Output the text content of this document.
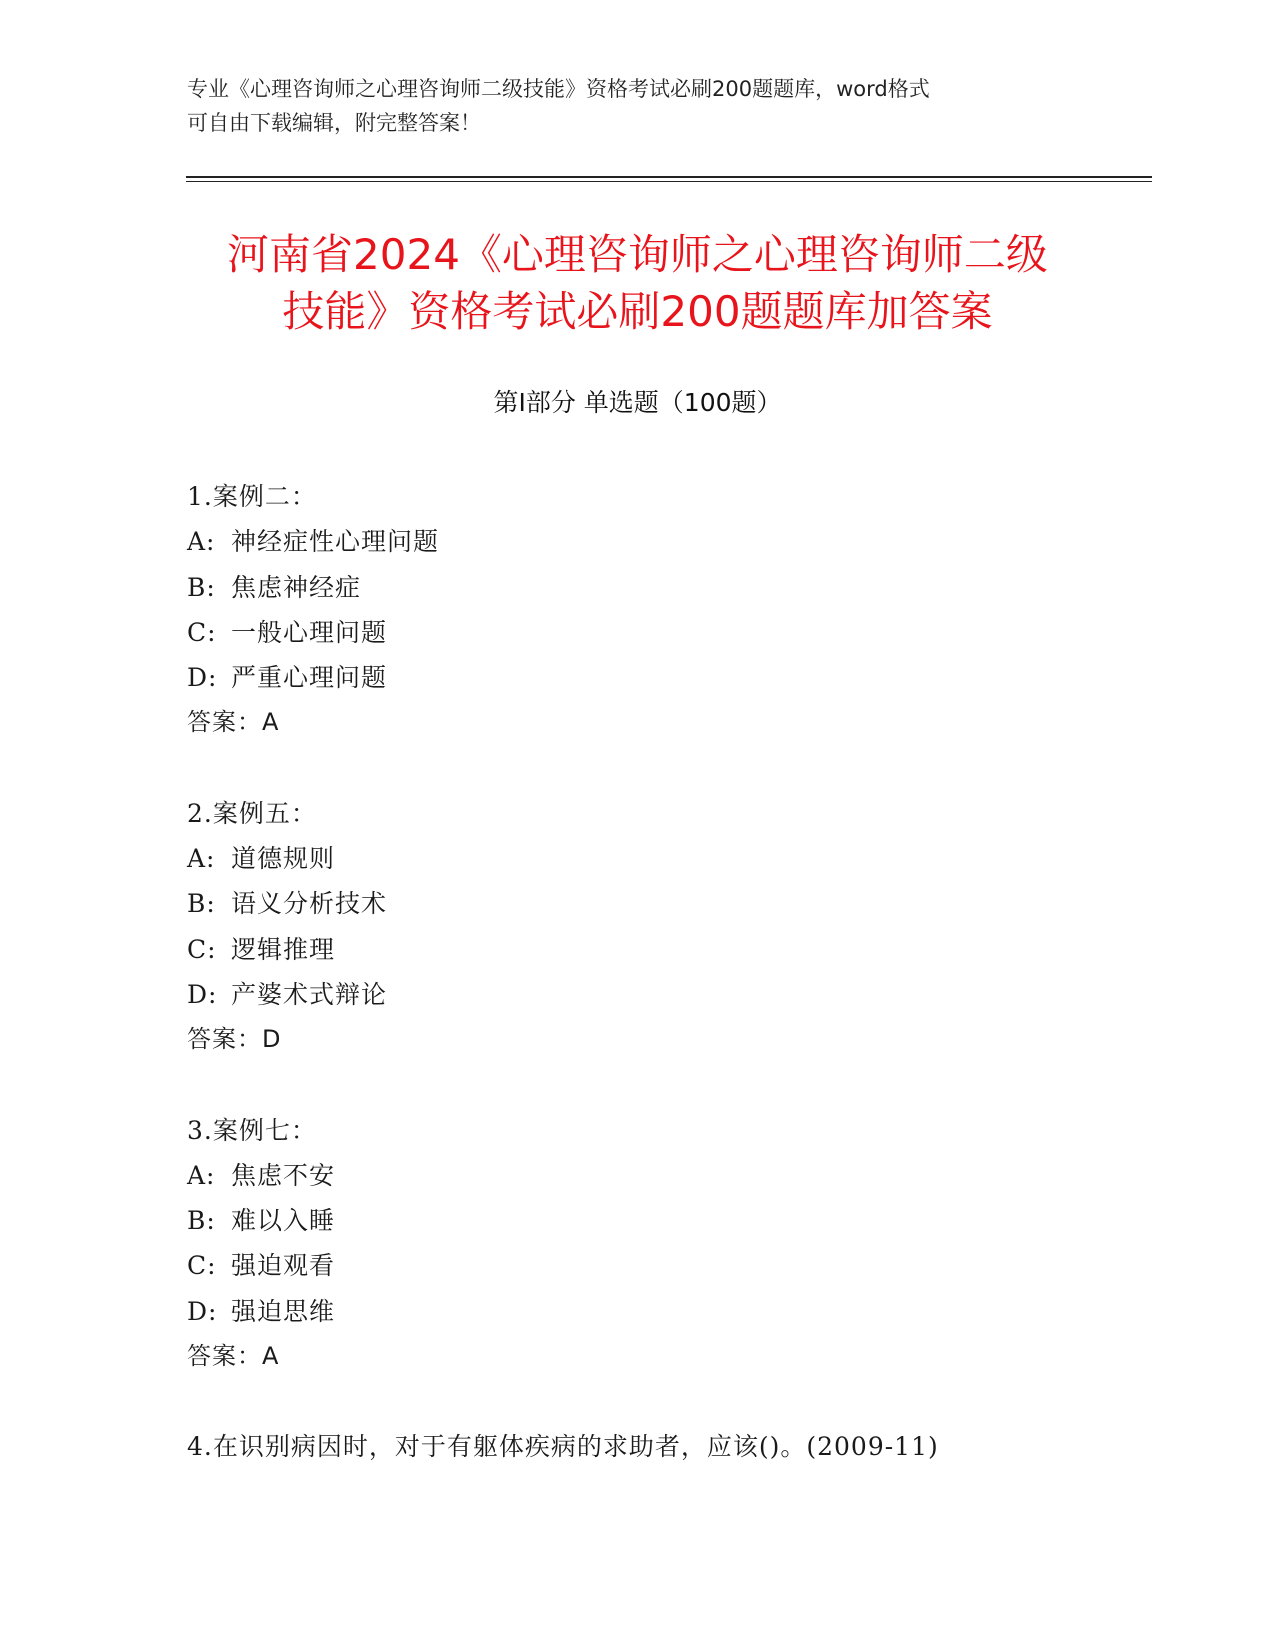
专业《心理咨询师之心理咨询师二级技能》资格考试必刷200题题库，word格式
可自由下载编辑，附完整答案！
河南省2024《心理咨询师之心理咨询师二级
技能》资格考试必刷200题题库加答案
第Ⅰ部分 单选题（100题）
1.案例二：
A: 神经症性心理问题
B: 焦虑神经症
C: 一般心理问题
D: 严重心理问题
答案：A
2.案例五：
A: 道德规则
B: 语义分析技术
C: 逻辑推理
D: 产婆术式辩论
答案：D
3.案例七：
A: 焦虑不安
B: 难以入睡
C: 强迫观看
D: 强迫思维
答案：A
4.在识别病因时，对于有躯体疾病的求助者，应该()。(2009-11)
